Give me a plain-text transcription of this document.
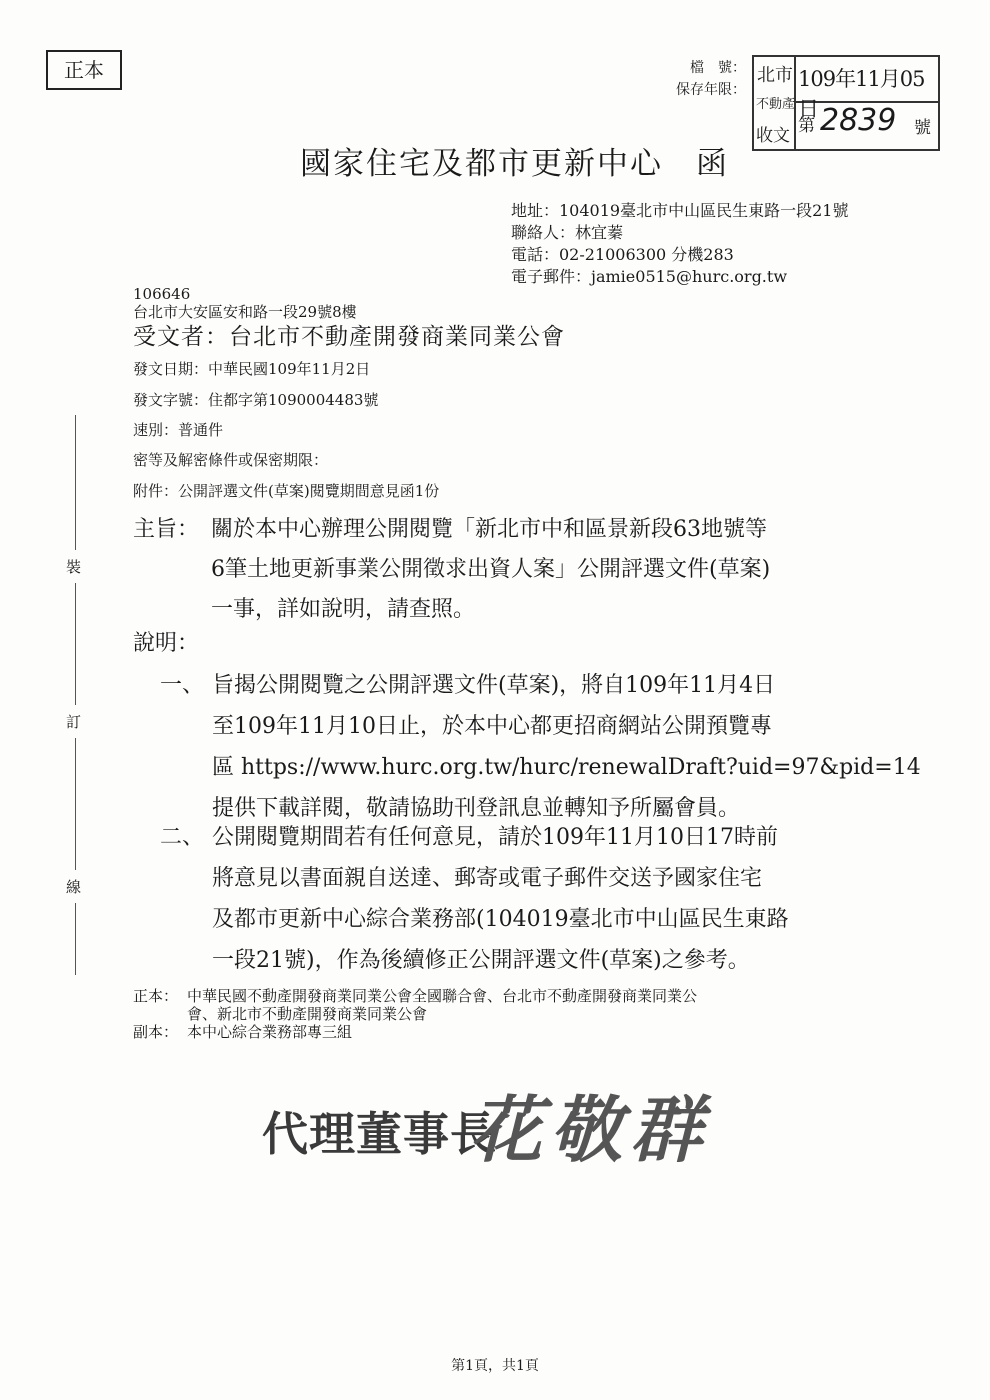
正本	檔　號：
保存年限：
北市
不動產
收文
109年11月05日
第 2839 號
國家住宅及都市更新中心　函
地址：104019臺北市中山區民生東路一段21號
聯絡人：林宜蓁
電話：02-21006300 分機283
電子郵件：jamie0515@hurc.org.tw
106646
台北市大安區安和路一段29號8樓
受文者：台北市不動產開發商業同業公會
發文日期：中華民國109年11月2日
發文字號：住都字第1090004483號
速別：普通件
密等及解密條件或保密期限：
附件：公開評選文件(草案)閱覽期間意見函1份
主旨： 關於本中心辦理公開閱覽「新北市中和區景新段63地號等
6筆土地更新事業公開徵求出資人案」公開評選文件(草案)
一事，詳如說明，請查照。
說明：
一、 旨揭公開閱覽之公開評選文件(草案)，將自109年11月4日
至109年11月10日止，於本中心都更招商網站公開預覽專
區 https://www.hurc.org.tw/hurc/renewalDraft?uid=97&pid=14
提供下載詳閱，敬請協助刊登訊息並轉知予所屬會員。
二、 公開閱覽期間若有任何意見，請於109年11月10日17時前
將意見以書面親自送達、郵寄或電子郵件交送予國家住宅
及都市更新中心綜合業務部(104019臺北市中山區民生東路
一段21號)，作為後續修正公開評選文件(草案)之參考。
正本： 中華民國不動產開發商業同業公會全國聯合會、台北市不動產開發商業同業公
會、新北市不動產開發商業同業公會
副本： 本中心綜合業務部專三組
裝
訂
線
代理董事長
花敬群
第1頁，共1頁
